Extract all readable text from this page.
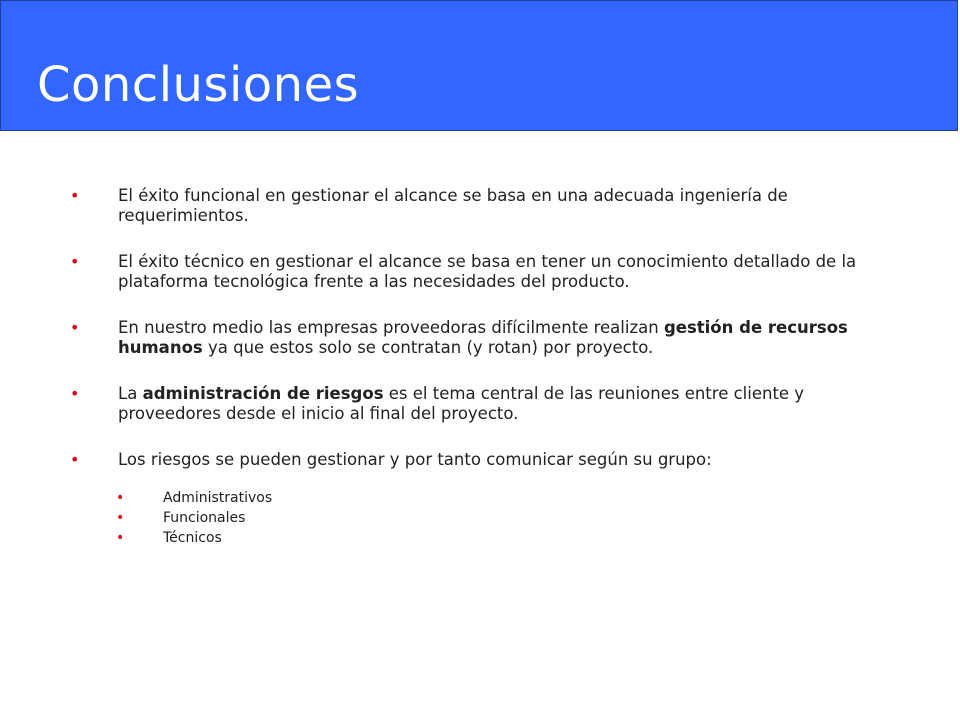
Conclusiones
• El éxito funcional en gestionar el alcance se basa en una adecuada ingeniería de requerimientos.
• El éxito técnico en gestionar el alcance se basa en tener un conocimiento detallado de la plataforma tecnológica frente a las necesidades del producto.
• En nuestro medio las empresas proveedoras difícilmente realizan gestión de recursos humanos ya que estos solo se contratan (y rotan) por proyecto.
• La administración de riesgos es el tema central de las reuniones entre cliente y proveedores desde el inicio al final del proyecto.
• Los riesgos se pueden gestionar y por tanto comunicar según su grupo:
•	Administrativos
•	Funcionales
•	Técnicos
